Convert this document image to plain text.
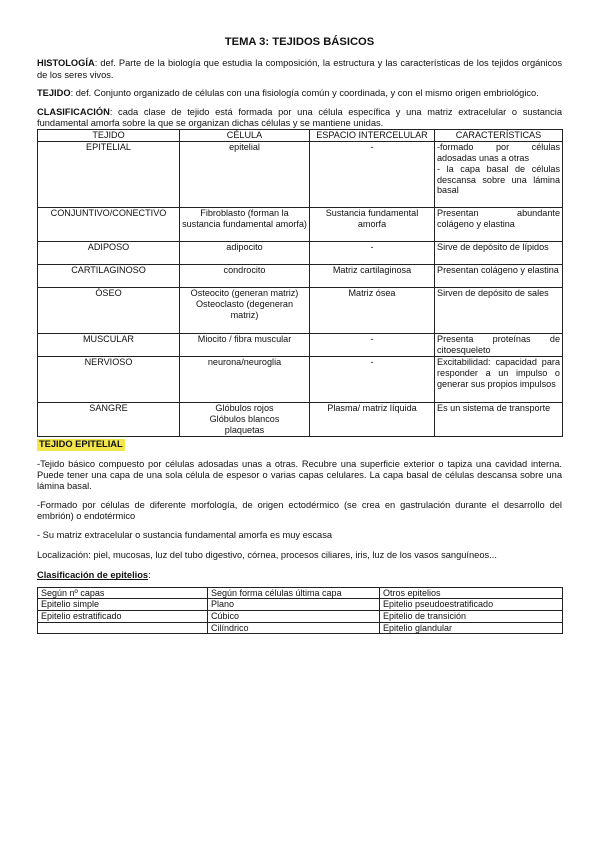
TEMA 3: TEJIDOS BÁSICOS

HISTOLOGÍA: def. Parte de la biología que estudia la composición, la estructura y las características de los tejidos orgánicos de los seres vivos.

TEJIDO: def. Conjunto organizado de células con una fisiología común y coordinada, y con el mismo origen embriológico.

CLASIFICACIÓN: cada clase de tejido está formada por una célula específica y una matriz extracelular o sustancia fundamental amorfa sobre la que se organizan dichas células y se mantiene unidas.

TEJIDO	CÉLULA	ESPACIO INTERCELULAR	CARACTERÍSTICAS
EPITELIAL	epitelial	-	-formado por células adosadas unas a otras
- la capa basal de células descansa sobre una lámina basal
CONJUNTIVO/CONECTIVO	Fibroblasto (forman la sustancia fundamental amorfa)	Sustancia fundamental amorfa	Presentan abundante colágeno y elastina
ADIPOSO	adipocito	-	Sirve de depósito de lípidos
CARTILAGINOSO	condrocito	Matriz cartilaginosa	Presentan colágeno y elastina
ÓSEO	Osteocito (generan matriz)
Osteoclasto (degeneran matriz)	Matriz ósea	Sirven de depósito de sales
MUSCULAR	Miocito / fibra muscular	-	Presenta proteínas de citoesqueleto
NERVIOSO	neurona/neuroglia	-	Excitabilidad: capacidad para responder a un impulso o generar sus propios impulsos
SANGRE	Glóbulos rojos
Glóbulos blancos
plaquetas	Plasma/ matriz líquida	Es un sistema de transporte
TEJIDO EPITELIAL

-Tejido básico compuesto por células adosadas unas a otras. Recubre una superficie exterior o tapiza una cavidad interna. Puede tener una capa de una sola célula de espesor o varias capas celulares. La capa basal de células descansa sobre una lámina basal.

-Formado por células de diferente morfología, de origen ectodérmico (se crea en gastrulación durante el desarrollo del embrión) o endotérmico

- Su matriz extracelular o sustancia fundamental amorfa es muy escasa

Localización: piel, mucosas, luz del tubo digestivo, córnea, procesos ciliares, iris, luz de los vasos sanguíneos...

Clasificación de epitelios:

Según nº capas	Según forma células última capa	Otros epitelios
Epitelio simple	Plano	Epitelio pseudoestratificado
Epitelio estratificado	Cúbico	Epitelio de transición
	Cilíndrico	Epitelio glandular
